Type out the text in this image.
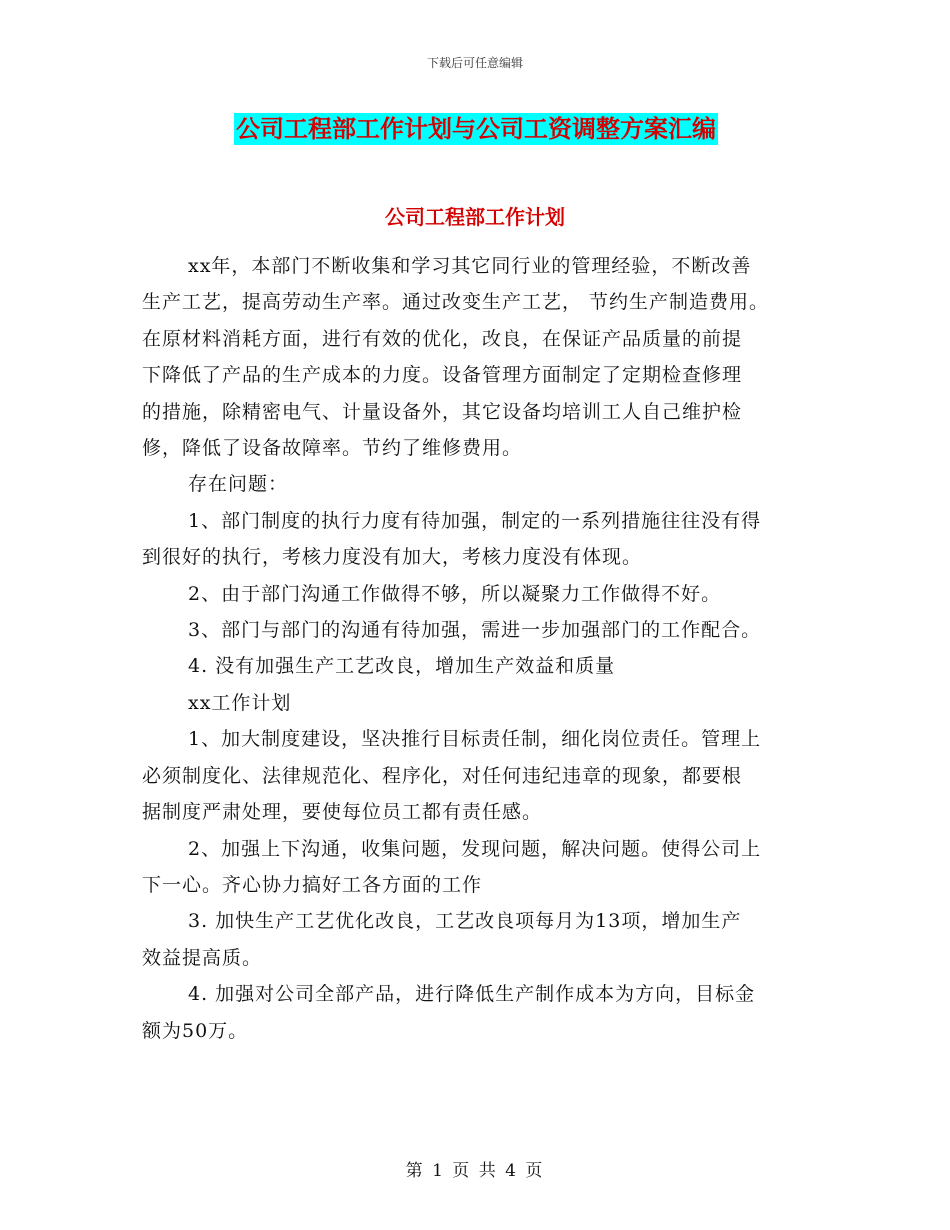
下载后可任意编辑
公司工程部工作计划与公司工资调整方案汇编
公司工程部工作计划

xx年，本部门不断收集和学习其它同行业的管理经验，不断改善
生产工艺，提高劳动生产率。通过改变生产工艺， 节约生产制造费用。
在原材料消耗方面，进行有效的优化，改良，在保证产品质量的前提
下降低了产品的生产成本的力度。设备管理方面制定了定期检查修理
的措施，除精密电气、计量设备外，其它设备均培训工人自己维护检
修，降低了设备故障率。节约了维修费用。

存在问题：

1、部门制度的执行力度有待加强，制定的一系列措施往往没有得
到很好的执行，考核力度没有加大，考核力度没有体现。

2、由于部门沟通工作做得不够，所以凝聚力工作做得不好。

3、部门与部门的沟通有待加强，需进一步加强部门的工作配合。

4. 没有加强生产工艺改良，增加生产效益和质量

xx工作计划

1、加大制度建设，坚决推行目标责任制，细化岗位责任。管理上
必须制度化、法律规范化、程序化，对任何违纪违章的现象，都要根
据制度严肃处理，要使每位员工都有责任感。

2、加强上下沟通，收集问题，发现问题，解决问题。使得公司上
下一心。齐心协力搞好工各方面的工作

3. 加快生产工艺优化改良，工艺改良项每月为13项，增加生产
效益提高质。

4. 加强对公司全部产品，进行降低生产制作成本为方向，目标金
额为50万。

第 1 页 共 4 页
